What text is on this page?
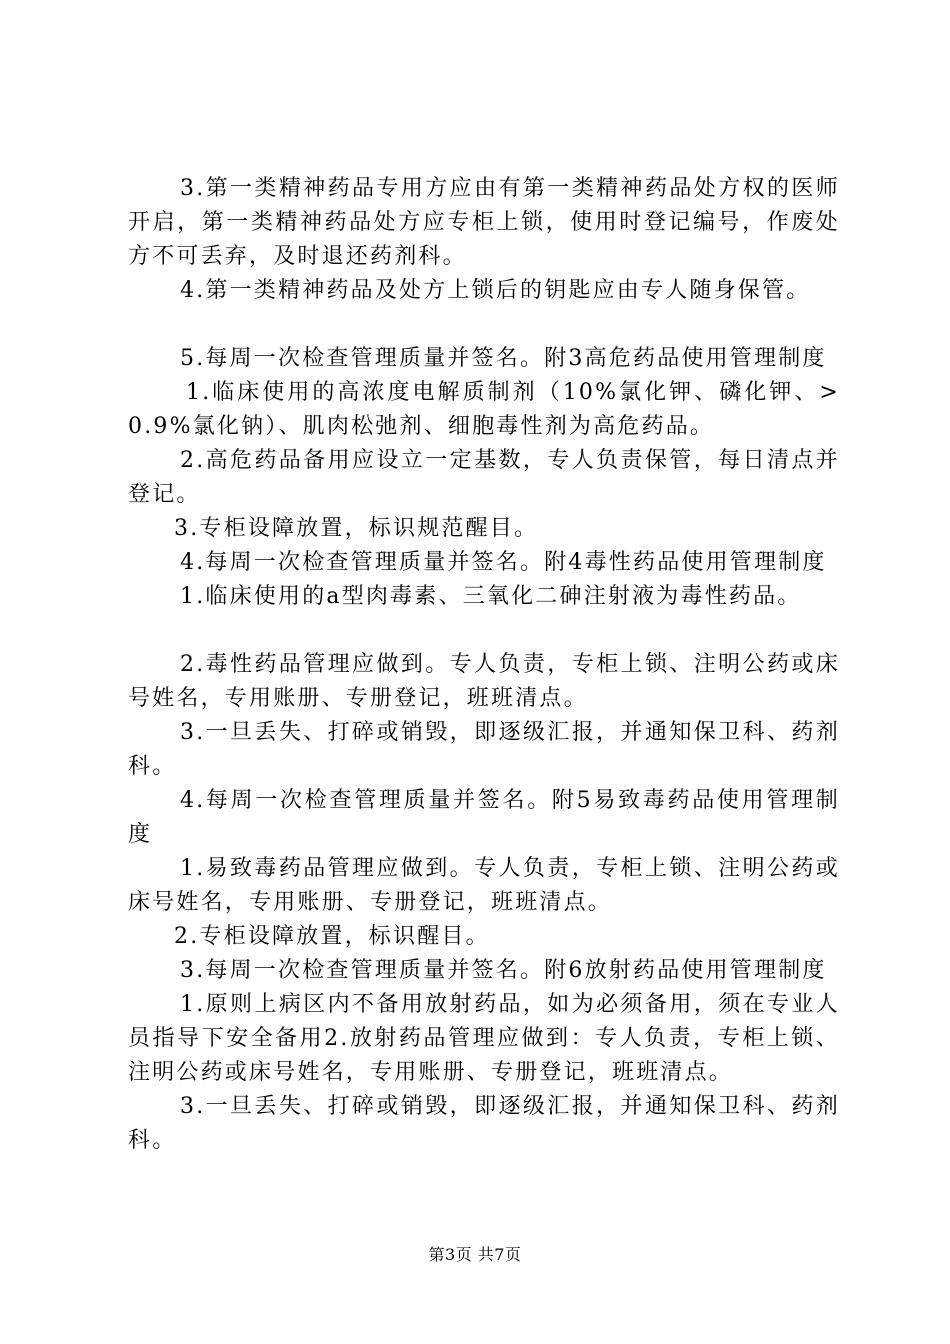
3.第一类精神药品专用方应由有第一类精神药品处方权的医师开启，第一类精神药品处方应专柜上锁，使用时登记编号，作废处方不可丢弃，及时退还药剂科。

4.第一类精神药品及处方上锁后的钥匙应由专人随身保管。

5.每周一次检查管理质量并签名。附3高危药品使用管理制度

1.临床使用的高浓度电解质制剂（10%氯化钾、磷化钾、>0.9%氯化钠）、肌肉松弛剂、细胞毒性剂为高危药品。

2.高危药品备用应设立一定基数，专人负责保管，每日清点并登记。

3.专柜设障放置，标识规范醒目。

4.每周一次检查管理质量并签名。附4毒性药品使用管理制度

1.临床使用的a型肉毒素、三氧化二砷注射液为毒性药品。

2.毒性药品管理应做到。专人负责，专柜上锁、注明公药或床号姓名，专用账册、专册登记，班班清点。

3.一旦丢失、打碎或销毁，即逐级汇报，并通知保卫科、药剂科。

4.每周一次检查管理质量并签名。附5易致毒药品使用管理制度

1.易致毒药品管理应做到。专人负责，专柜上锁、注明公药或床号姓名，专用账册、专册登记，班班清点。

2.专柜设障放置，标识醒目。

3.每周一次检查管理质量并签名。附6放射药品使用管理制度

1.原则上病区内不备用放射药品，如为必须备用，须在专业人员指导下安全备用2.放射药品管理应做到：专人负责，专柜上锁、注明公药或床号姓名，专用账册、专册登记，班班清点。

3.一旦丢失、打碎或销毁，即逐级汇报，并通知保卫科、药剂科。

第3页 共7页
